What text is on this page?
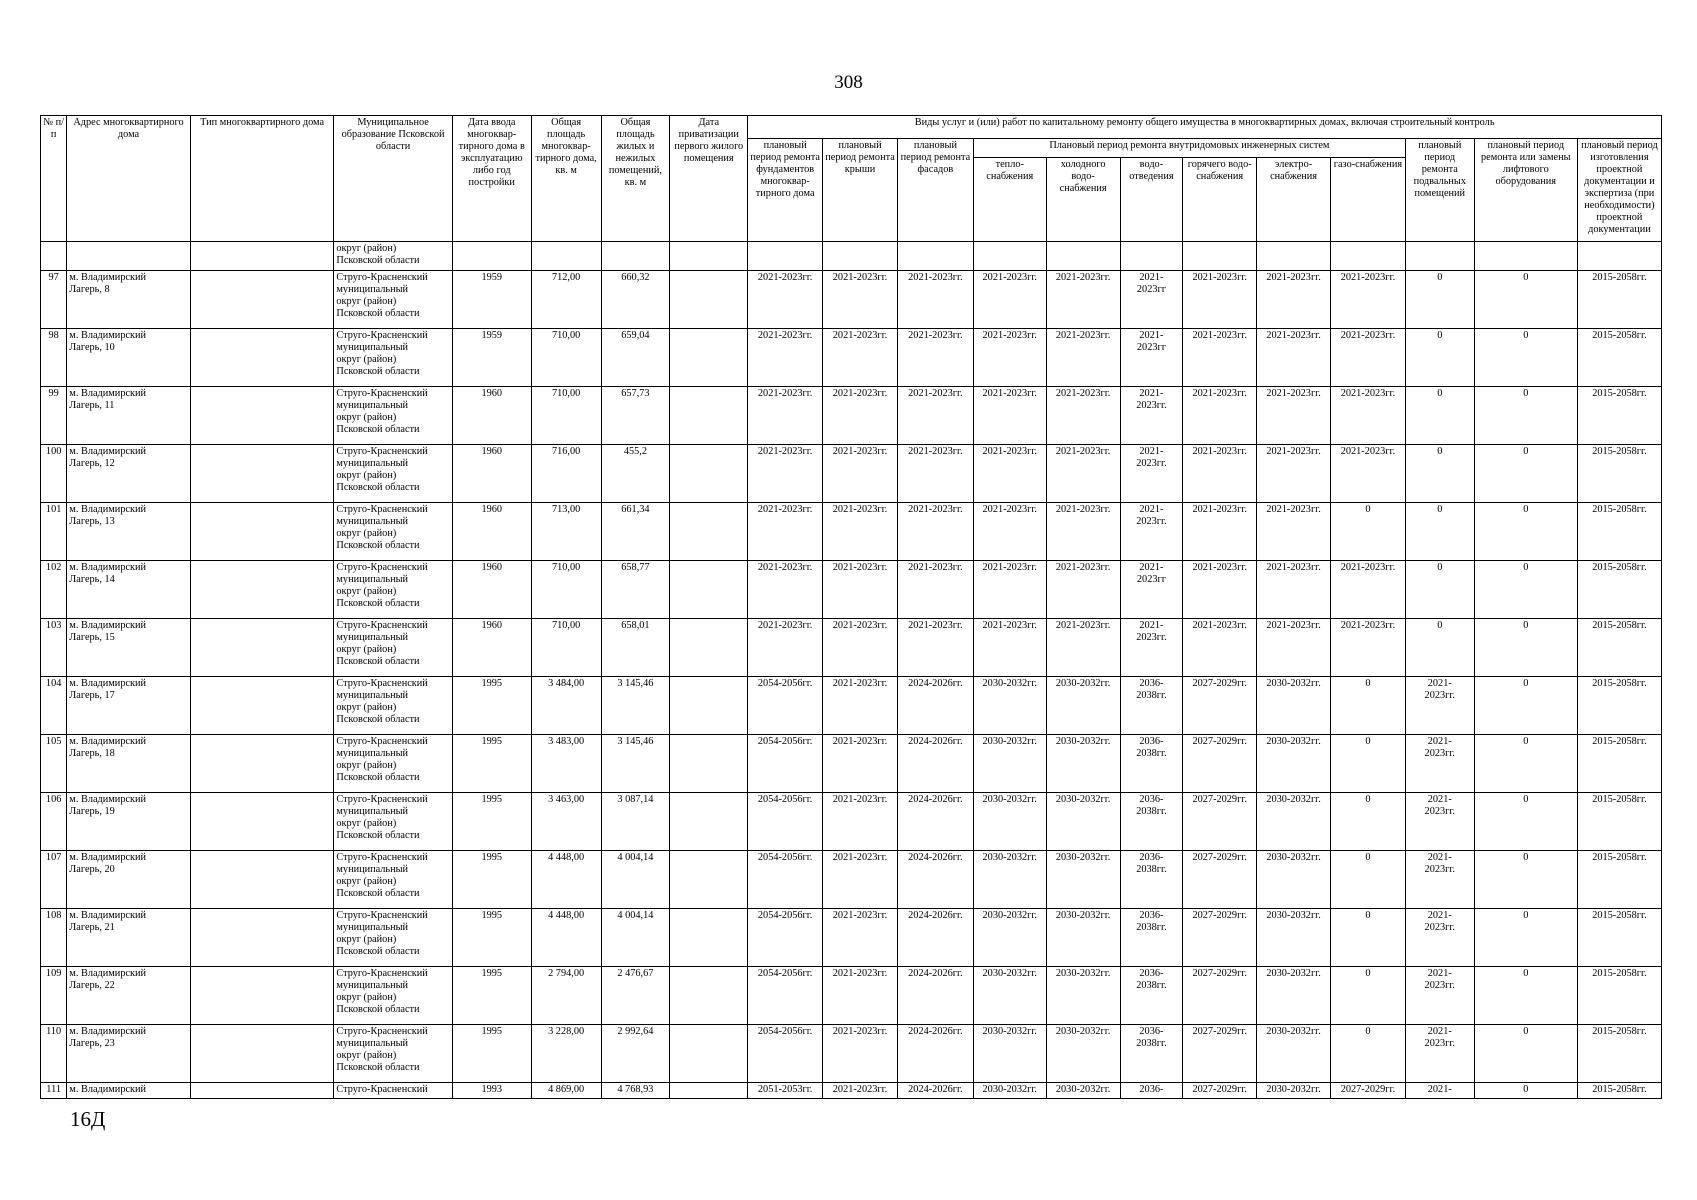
308
№ п/п	Адрес многоквартирного дома	Тип многоквартирного дома	Муниципальное образование Псковской области	Дата ввода многоквар-тирного дома в эксплуатацию либо год постройки	Общая площадь многоквар-тирного дома, кв. м	Общая площадь жилых и нежилых помещений, кв. м	Дата приватизации первого жилого помещения	Виды услуг и (или) работ по капитальному ремонту общего имущества в многоквартирных домах, включая строительный контроль											
								плановый период ремонта фундаментов многоквар-тирного дома	плановый период ремонта крыши	плановый период ремонта фасадов	Плановый период ремонта внутридомовых инженерных систем						плановый период ремонта подвальных помещений	плановый период ремонта или замены лифтового оборудования	плановый период изготовления проектной документации и экспертиза (при необходимости) проектной документации
											тепло-снабжения	холодного водо-снабжения	водо-отведения	горячего водо-снабжения	электро-снабжения	газо-снабжения			
			округ (район)
Псковской области																
97	м. Владимирский
Лагерь, 8		Струго-Красненский
муниципальный
округ (район)
Псковской области	1959	712,00	660,32		2021-2023гг.	2021-2023гг.	2021-2023гг.	2021-2023гг.	2021-2023гг.	2021-
2023гг	2021-2023гг.	2021-2023гг.	2021-2023гг.	0	0	2015-2058гг.
98	м. Владимирский
Лагерь, 10		Струго-Красненский
муниципальный
округ (район)
Псковской области	1959	710,00	659,04		2021-2023гг.	2021-2023гг.	2021-2023гг.	2021-2023гг.	2021-2023гг.	2021-
2023гг	2021-2023гг.	2021-2023гг.	2021-2023гг.	0	0	2015-2058гг.
99	м. Владимирский
Лагерь, 11		Струго-Красненский
муниципальный
округ (район)
Псковской области	1960	710,00	657,73		2021-2023гг.	2021-2023гг.	2021-2023гг.	2021-2023гг.	2021-2023гг.	2021-
2023гг.	2021-2023гг.	2021-2023гг.	2021-2023гг.	0	0	2015-2058гг.
100	м. Владимирский
Лагерь, 12		Струго-Красненский
муниципальный
округ (район)
Псковской области	1960	716,00	455,2		2021-2023гг.	2021-2023гг.	2021-2023гг.	2021-2023гг.	2021-2023гг.	2021-
2023гг.	2021-2023гг.	2021-2023гг.	2021-2023гг.	0	0	2015-2058гг.
101	м. Владимирский
Лагерь, 13		Струго-Красненский
муниципальный
округ (район)
Псковской области	1960	713,00	661,34		2021-2023гг.	2021-2023гг.	2021-2023гг.	2021-2023гг.	2021-2023гг.	2021-
2023гг.	2021-2023гг.	2021-2023гг.	0	0	0	2015-2058гг.
102	м. Владимирский
Лагерь, 14		Струго-Красненский
муниципальный
округ (район)
Псковской области	1960	710,00	658,77		2021-2023гг.	2021-2023гг.	2021-2023гг.	2021-2023гг.	2021-2023гг.	2021-
2023гг	2021-2023гг.	2021-2023гг.	2021-2023гг.	0	0	2015-2058гг.
103	м. Владимирский
Лагерь, 15		Струго-Красненский
муниципальный
округ (район)
Псковской области	1960	710,00	658,01		2021-2023гг.	2021-2023гг.	2021-2023гг.	2021-2023гг.	2021-2023гг.	2021-
2023гг.	2021-2023гг.	2021-2023гг.	2021-2023гг.	0	0	2015-2058гг.
104	м. Владимирский
Лагерь, 17		Струго-Красненский
муниципальный
округ (район)
Псковской области	1995	3 484,00	3 145,46		2054-2056гг.	2021-2023гг.	2024-2026гг.	2030-2032гг.	2030-2032гг.	2036-
2038гг.	2027-2029гг.	2030-2032гг.	0	2021-
2023гг.	0	2015-2058гг.
105	м. Владимирский
Лагерь, 18		Струго-Красненский
муниципальный
округ (район)
Псковской области	1995	3 483,00	3 145,46		2054-2056гг.	2021-2023гг.	2024-2026гг.	2030-2032гг.	2030-2032гг.	2036-
2038гг.	2027-2029гг.	2030-2032гг.	0	2021-
2023гг.	0	2015-2058гг.
106	м. Владимирский
Лагерь, 19		Струго-Красненский
муниципальный
округ (район)
Псковской области	1995	3 463,00	3 087,14		2054-2056гг.	2021-2023гг.	2024-2026гг.	2030-2032гг.	2030-2032гг.	2036-
2038гг.	2027-2029гг.	2030-2032гг.	0	2021-
2023гг.	0	2015-2058гг.
107	м. Владимирский
Лагерь, 20		Струго-Красненский
муниципальный
округ (район)
Псковской области	1995	4 448,00	4 004,14		2054-2056гг.	2021-2023гг.	2024-2026гг.	2030-2032гг.	2030-2032гг.	2036-
2038гг.	2027-2029гг.	2030-2032гг.	0	2021-
2023гг.	0	2015-2058гг.
108	м. Владимирский
Лагерь, 21		Струго-Красненский
муниципальный
округ (район)
Псковской области	1995	4 448,00	4 004,14		2054-2056гг.	2021-2023гг.	2024-2026гг.	2030-2032гг.	2030-2032гг.	2036-
2038гг.	2027-2029гг.	2030-2032гг.	0	2021-
2023гг.	0	2015-2058гг.
109	м. Владимирский
Лагерь, 22		Струго-Красненский
муниципальный
округ (район)
Псковской области	1995	2 794,00	2 476,67		2054-2056гг.	2021-2023гг.	2024-2026гг.	2030-2032гг.	2030-2032гг.	2036-
2038гг.	2027-2029гг.	2030-2032гг.	0	2021-
2023гг.	0	2015-2058гг.
110	м. Владимирский
Лагерь, 23		Струго-Красненский
муниципальный
округ (район)
Псковской области	1995	3 228,00	2 992,64		2054-2056гг.	2021-2023гг.	2024-2026гг.	2030-2032гг.	2030-2032гг.	2036-
2038гг.	2027-2029гг.	2030-2032гг.	0	2021-
2023гг.	0	2015-2058гг.
111	м. Владимирский		Струго-Красненский	1993	4 869,00	4 768,93		2051-2053гг.	2021-2023гг.	2024-2026гг.	2030-2032гг.	2030-2032гг.	2036-	2027-2029гг.	2030-2032гг.	2027-2029гг.	2021-	0	2015-2058гг.
16Д
